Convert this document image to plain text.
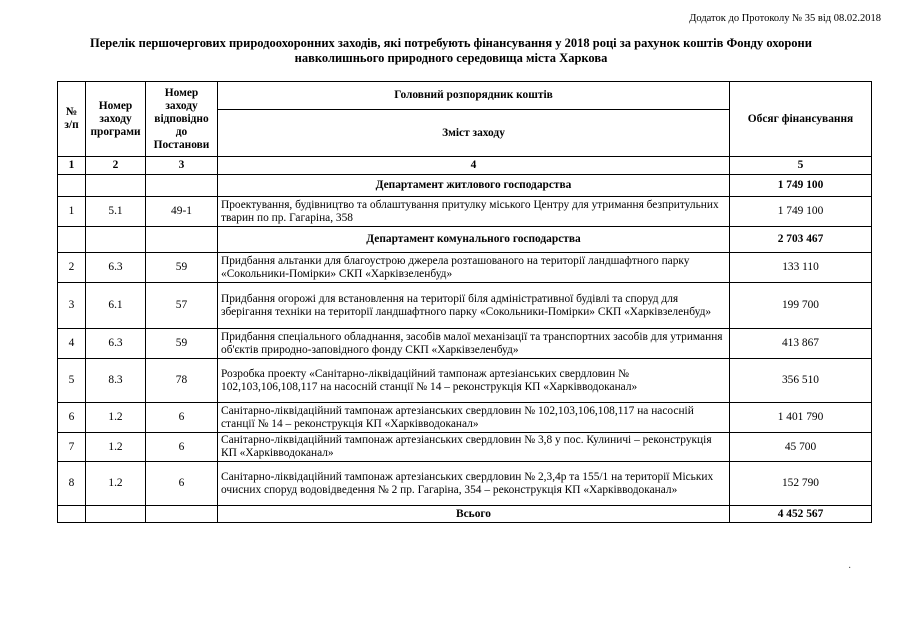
Додаток до Протоколу № 35 від 08.02.2018
Перелік першочергових природоохоронних заходів, які потребують фінансування у 2018 році за рахунок коштів Фонду охорони
навколишнього природного середовища міста Харкова
№ з/п	Номер заходу програми	Номер заходу відповідно до Постанови	Головний розпорядник коштів	Обсяг фінансування
			Зміст заходу	
1	2	3	4	5
			Департамент житлового господарства	1 749 100
1	5.1	49-1	Проектування, будівництво та облаштування притулку міського Центру для утримання безпритульних тварин по пр. Гагаріна, 358	1 749 100
			Департамент комунального господарства	2 703 467
2	6.3	59	Придбання альтанки для благоустрою джерела розташованого на території ландшафтного парку «Сокольники-Помірки» СКП «Харківзеленбуд»	133 110
3	6.1	57	Придбання огорожі для встановлення на території біля адміністративної будівлі та споруд для зберігання техніки на території ландшафтного парку «Сокольники-Помірки» СКП «Харківзеленбуд»	199 700
4	6.3	59	Придбання спеціального обладнання, засобів малої механізації та транспортних засобів для утримання об'єктів природно-заповідного фонду СКП «Харківзеленбуд»	413 867
5	8.3	78	Розробка проекту «Санітарно-ліквідаційний тампонаж артезіанських свердловин № 102,103,106,108,117 на насосній станції № 14 – реконструкція КП «Харківводоканал»	356 510
6	1.2	6	Санітарно-ліквідаційний тампонаж артезіанських свердловин № 102,103,106,108,117 на насосній станції № 14 – реконструкція КП «Харківводоканал»	1 401 790
7	1.2	6	Санітарно-ліквідаційний тампонаж артезіанських свердловин № 3,8 у пос. Кулиничі – реконструкція КП «Харківводоканал»	45 700
8	1.2	6	Санітарно-ліквідаційний тампонаж артезіанських свердловин № 2,3,4р та 155/1 на території Міських очисних споруд водовідведення № 2 пр. Гагаріна, 354 – реконструкція КП «Харківводоканал»	152 790
			Всього	4 452 567
·
